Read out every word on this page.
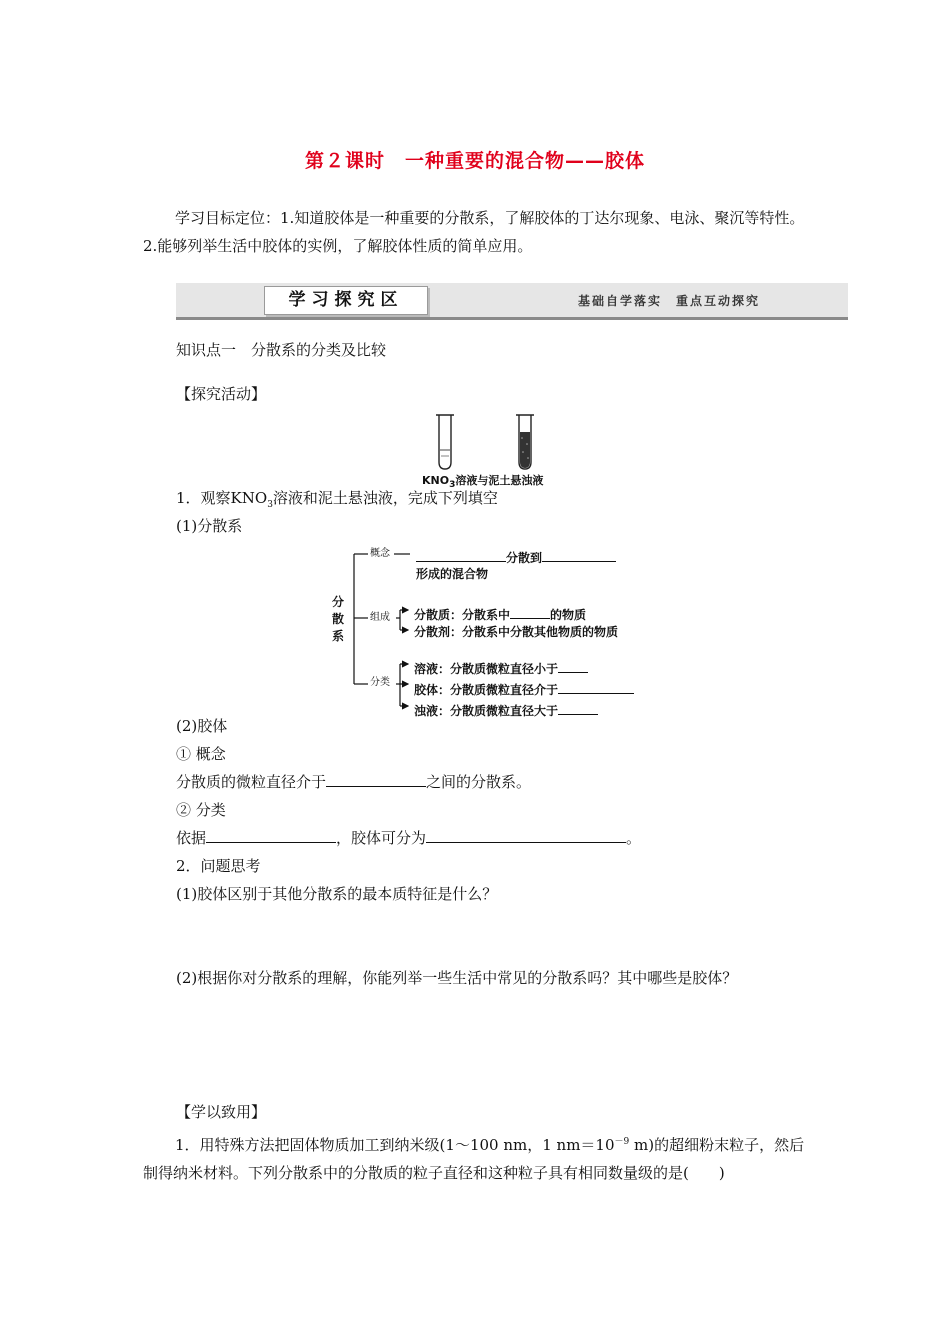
第２课时　一种重要的混合物——胶体
学习目标定位：1.知道胶体是一种重要的分散系，了解胶体的丁达尔现象、电泳、聚沉等特性。2.能够列举生活中胶体的实例，了解胶体性质的简单应用。
学习探究区	基础自学落实　重点互动探究
知识点一　分散系的分类及比较
【探究活动】
$KNO_3$溶液与泥土悬浊液
1．观察$KNO_3$溶液和泥土悬浊液，完成下列填空
(1)分散系
分散系
概念	分散到
形成的混合物
组成 分散质：分散系中	的物质
分散剂：分散系中分散其他物质的物质
分类
溶液：分散质微粒直径小于
胶体：分散质微粒直径介于
浊液：分散质微粒直径大于
(2)胶体
① 概念
分散质的微粒直径介于	之间的分散系。
② 分类
依据	，胶体可分为	。
2．问题思考
(1)胶体区别于其他分散系的最本质特征是什么？
(2)根据你对分散系的理解，你能列举一些生活中常见的分散系吗？其中哪些是胶体？
【学以致用】
1．用特殊方法把固体物质加工到纳米级(1～100 nm，1 $nm=10^{-9}$ m)的超细粉末粒子，然后制得纳米材料。下列分散系中的分散质的粒子直径和这种粒子具有相同数量级的是(　　)
